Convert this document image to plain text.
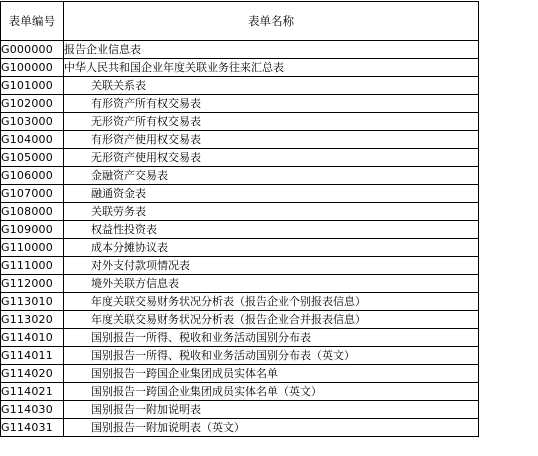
表单编号	表单名称
G000000	报告企业信息表
G100000	中华人民共和国企业年度关联业务往来汇总表
G101000	关联关系表
G102000	有形资产所有权交易表
G103000	无形资产所有权交易表
G104000	有形资产使用权交易表
G105000	无形资产使用权交易表
G106000	金融资产交易表
G107000	融通资金表
G108000	关联劳务表
G109000	权益性投资表
G110000	成本分摊协议表
G111000	对外支付款项情况表
G112000	境外关联方信息表
G113010	年度关联交易财务状况分析表（报告企业个别报表信息）
G113020	年度关联交易财务状况分析表（报告企业合并报表信息）
G114010	国别报告一所得、税收和业务活动国别分布表
G114011	国别报告一所得、税收和业务活动国别分布表（英文）
G114020	国别报告一跨国企业集团成员实体名单
G114021	国别报告一跨国企业集团成员实体名单（英文）
G114030	国别报告一附加说明表
G114031	国别报告一附加说明表（英文）
